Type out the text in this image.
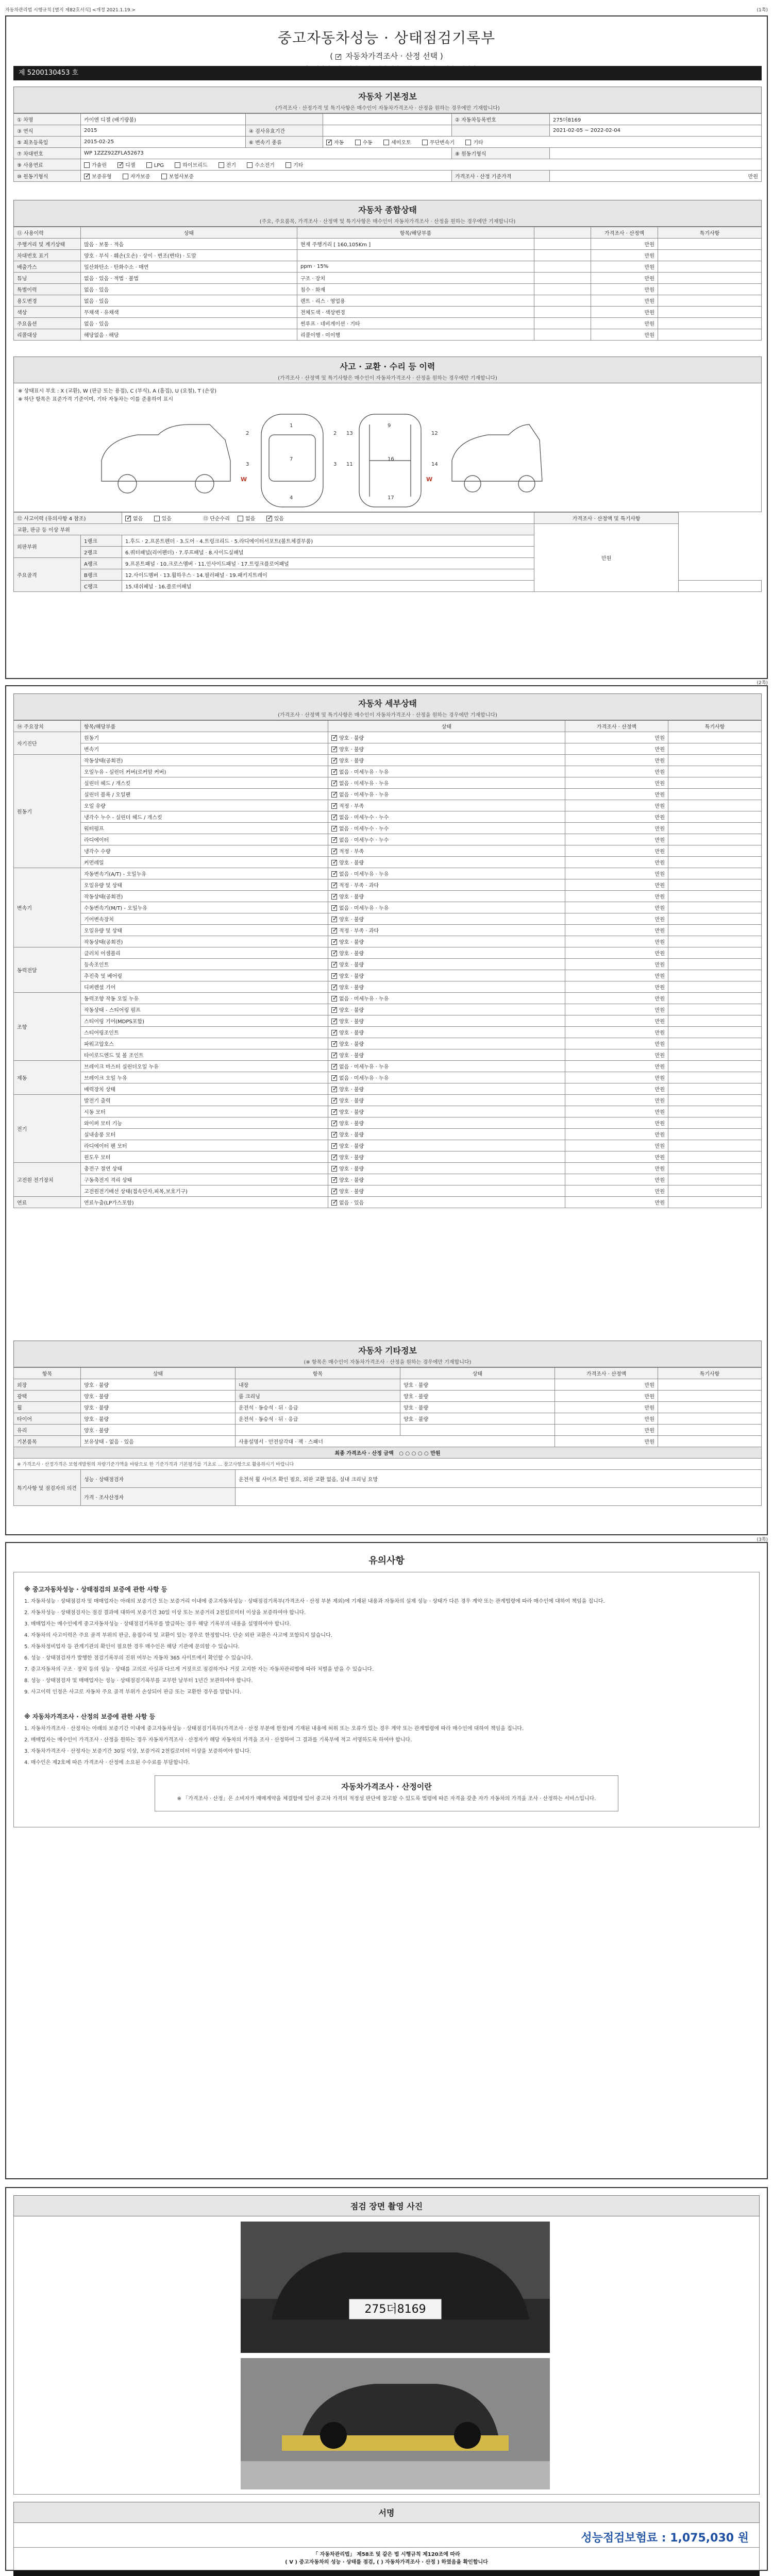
자동차관리법 시행규칙 [별지 제82호서식] <개정 2021.1.19.>	(1쪽)
중고자동차성능 · 상태점검기록부
( ✓ 자동차가격조사 · 산정 선택 )
제 5200130453 호
자동차 기본정보
(가격조사 · 산정가격 및 특기사항은 매수인이 자동차가격조사 · 산정을 원하는 경우에만 기재합니다)
① 차명	카이엔 디젤 (배기량불)			② 자동차등록번호	275더8169
③ 연식	2015	④ 검사유효기간			2021-02-05 ~ 2022-02-04
⑤ 최초등록일	2015-02-25	⑥ 변속기 종류	✓자동 수동 세미오토 무단변속기 기타
⑦ 차대번호	WP 1ZZZ92ZFLA52673			⑧ 원동기형식	
⑨ 사용연료	가솔린 ✓ 디젤 LPG 하이브리드 전기 수소전기 기타
⑩ 원동기형식	✓보증유형 자가보증 보험사보증			가격조사 · 산정 기준가격	만원
자동차 종합상태
(주요, 주요품목, 가격조사 · 산정액 및 특기사항은 매수인이 자동차가격조사 · 산정을 원하는 경우에만 기재합니다)
⑪ 사용이력	상태	항목/해당부품		가격조사 · 산정액	특기사항
주행거리 및 계기상태	많음 · 보통 · 적음	현재 주행거리 [ 160,105Km ]		만원	
차대번호 표기	양호 · 부식 · 훼손(오손) · 상이 · 변조(변타) · 도말			만원	
배출가스	일산화탄소 · 탄화수소 · 매연	ppm · 15%		만원	
튜닝	없음 · 있음 · 적법 · 불법	구조 · 장치		만원	
특별이력	없음 · 있음	침수 · 화재		만원	
용도변경	없음 · 있음	렌트 · 리스 · 영업용		만원	
색상	무채색 · 유채색	전체도색 · 색상변경		만원	
주요옵션	없음 · 있음	썬루프 · 네비게이션 · 기타		만원	
리콜대상	해당없음 · 해당	리콜이행 · 미이행		만원	
사고 · 교환 · 수리 등 이력
(가격조사 · 산정액 및 특기사항은 매수인이 자동차가격조사 · 산정을 원하는 경우에만 기재합니다)
※ 상태표시 부호 : X (교환), W (판금 또는 용접), C (부식), A (흠집), U (요철), T (손상)
※ 하단 항목은 표준가격 기준이며, 기타 자동차는 이를 준용하여 표시
1
7
4
9
16
17
2
3
2
3
12
14
13
11
W	W
⑫ 사고이력 (유의사항 4 참조)	✓없음 있음 ⑬ 단순수리 없음 ✓ 있음	가격조사 · 산정액 및 특기사항	
교환, 판금 등 이상 부위			만원	
외판부위	1랭크	1.후드 · 2.프론트펜더 · 3.도어 · 4.트렁크리드 · 5.라디에이터서포트(볼트체결부품)		
	2랭크	6.쿼터패널(리어펜더) · 7.루프패널 · 8.사이드실패널		
주요골격	A랭크	9.프론트패널 · 10.크로스멤버 · 11.인사이드패널 · 17.트렁크플로어패널		
	B랭크	12.사이드멤버 · 13.휠하우스 · 14.필러패널 · 19.패키지트레이		
	C랭크	15.대쉬패널 · 16.플로어패널		
(2쪽)
자동차 세부상태
(가격조사 · 산정액 및 특기사항은 매수인이 자동차가격조사 · 산정을 원하는 경우에만 기재합니다)
⑭ 주요장치	항목/해당부품	상태	가격조사 · 산정액	특기사항
자기진단	원동기	✓양호 · 불량	만원	
	변속기	✓양호 · 불량	만원	
원동기	작동상태(공회전)	✓양호 · 불량	만원	
	오일누유 - 실린더 커버(로커암 커버)	✓없음 · 미세누유 · 누유	만원	
	실린더 헤드 / 개스킷	✓없음 · 미세누유 · 누유	만원	
	실린더 블록 / 오일팬	✓없음 · 미세누유 · 누유	만원	
	오일 유량	✓적정 · 부족	만원	
	냉각수 누수 - 실린더 헤드 / 개스킷	✓없음 · 미세누수 · 누수	만원	
	워터펌프	✓없음 · 미세누수 · 누수	만원	
	라디에이터	✓없음 · 미세누수 · 누수	만원	
	냉각수 수량	✓적정 · 부족	만원	
	커먼레일	✓양호 · 불량	만원	
변속기	자동변속기(A/T) - 오일누유	✓없음 · 미세누유 · 누유	만원	
	오일유량 및 상태	✓적정 · 부족 · 과다	만원	
	작동상태(공회전)	✓양호 · 불량	만원	
	수동변속기(M/T) - 오일누유	✓없음 · 미세누유 · 누유	만원	
	기어변속장치	✓양호 · 불량	만원	
	오일유량 및 상태	✓적정 · 부족 · 과다	만원	
	작동상태(공회전)	✓양호 · 불량	만원	
동력전달	클러치 어셈블리	✓양호 · 불량	만원	
	등속조인트	✓양호 · 불량	만원	
	추진축 및 베어링	✓양호 · 불량	만원	
	디퍼렌셜 기어	✓양호 · 불량	만원	
조향	동력조향 작동 오일 누유	✓없음 · 미세누유 · 누유	만원	
	작동상태 - 스티어링 펌프	✓양호 · 불량	만원	
	스티어링 기어(MDPS포함)	✓양호 · 불량	만원	
	스티어링조인트	✓양호 · 불량	만원	
	파워고압호스	✓양호 · 불량	만원	
	타이로드엔드 및 볼 조인트	✓양호 · 불량	만원	
제동	브레이크 마스터 실린더오일 누유	✓없음 · 미세누유 · 누유	만원	
	브레이크 오일 누유	✓없음 · 미세누유 · 누유	만원	
	배력장치 상태	✓양호 · 불량	만원	
전기	발전기 출력	✓양호 · 불량	만원	
	시동 모터	✓양호 · 불량	만원	
	와이퍼 모터 기능	✓양호 · 불량	만원	
	실내송풍 모터	✓양호 · 불량	만원	
	라디에이터 팬 모터	✓양호 · 불량	만원	
	윈도우 모터	✓양호 · 불량	만원	
고전원 전기장치	충전구 절연 상태	✓양호 · 불량	만원	
	구동축전지 격리 상태	✓양호 · 불량	만원	
	고전원전기배선 상태(접속단자,피복,보호기구)	✓양호 · 불량	만원	
연료	연료누출(LP가스포함)	✓없음 · 있음	만원	
자동차 기타정보
(※ 항목은 매수인이 자동차가격조사 · 산정을 원하는 경우에만 기재합니다)
항목	상태	항목	상태	가격조사 · 산정액	특기사항
외장	양호 · 불량	내장	양호 · 불량	만원	
광택	양호 · 불량	룸 크리닝	양호 · 불량	만원	
휠	양호 · 불량	운전석 · 동승석 · 뒤 · 응급	양호 · 불량	만원	
타이어	양호 · 불량	운전석 · 동승석 · 뒤 · 응급	양호 · 불량	만원	
유리	양호 · 불량			만원	
기본품목	보유상태 - 없음 · 있음	사용설명서 · 안전삼각대 · 잭 · 스패너		만원	
최종 가격조사 · 산정 금액 ○ ○ ○ ○ ○ 만원					
※ 가격조사 · 산정가격은 보험개발원의 차량기준가액을 바탕으로 한 기준가격과 기본평가를 기초로 ... 참고사항으로 활용하시기 바랍니다					
특기사항 및 점검자의 의견	성능 · 상태점검자	운전석 휠 사이즈 확인 필요, 외판 교환 없음, 실내 크리닝 요망			
	가격 · 조사산정자				
(3쪽)
유의사항
※ 중고자동차성능 · 상태점검의 보증에 관한 사항 등

1. 자동차성능 · 상태점검자 및 매매업자는 아래의 보증기간 또는 보증거리 이내에 중고자동차성능 · 상태점검기록부(가격조사 · 산정 부분 제외)에 기재된 내용과 자동차의 실제 성능 · 상태가 다른 경우 계약 또는 관계법령에 따라 매수인에 대하여 책임을 집니다.

2. 자동차성능 · 상태점검자는 점검 결과에 대하여 보증기간 30일 이상 또는 보증거리 2천킬로미터 이상을 보증하여야 합니다.

3. 매매업자는 매수인에게 중고자동차성능 · 상태점검기록부를 발급하는 경우 해당 기록부의 내용을 설명하여야 합니다.

4. 자동차의 사고이력은 주요 골격 부위의 판금, 용접수리 및 교환이 있는 경우로 한정합니다. 단순 외판 교환은 사고에 포함되지 않습니다.

5. 자동차정비업자 등 관계기관의 확인이 필요한 경우 매수인은 해당 기관에 문의할 수 있습니다.

6. 성능 · 상태점검자가 발행한 점검기록부의 진위 여부는 자동차 365 사이트에서 확인할 수 있습니다.

7. 중고자동차의 구조 · 장치 등의 성능 · 상태를 고의로 사실과 다르게 거짓으로 점검하거나 거짓 고지한 자는 자동차관리법에 따라 처벌을 받을 수 있습니다.

8. 성능 · 상태점검자 및 매매업자는 성능 · 상태점검기록부를 교부한 날부터 1년간 보관하여야 합니다.

9. 사고이력 인정은 사고로 자동차 주요 골격 부위가 손상되어 판금 또는 교환한 경우를 말합니다.

※ 자동차가격조사 · 산정의 보증에 관한 사항 등

1. 자동차가격조사 · 산정자는 아래의 보증기간 이내에 중고자동차성능 · 상태점검기록부(가격조사 · 산정 부분에 한정)에 기재된 내용에 허위 또는 오류가 있는 경우 계약 또는 관계법령에 따라 매수인에 대하여 책임을 집니다.

2. 매매업자는 매수인이 가격조사 · 산정을 원하는 경우 자동차가격조사 · 산정자가 해당 자동차의 가격을 조사 · 산정하여 그 결과를 기록부에 적고 서명하도록 하여야 합니다.

3. 자동차가격조사 · 산정자는 보증기간 30일 이상, 보증거리 2천킬로미터 이상을 보증하여야 합니다.

4. 매수인은 제2호에 따른 가격조사 · 산정에 소요된 수수료를 부담합니다.

자동차가격조사 · 산정이란

※ 「가격조사 · 산정」은 소비자가 매매계약을 체결함에 있어 중고차 가격의 적정성 판단에 참고할 수 있도록 법령에 따른 자격을 갖춘 자가 자동차의 가격을 조사 · 산정하는 서비스입니다.

점검 장면 촬영 사진
275더8169
서명
성능점검보험료 : 1,075,030 원
「 자동차관리법」 제58조 및 같은 법 시행규칙 제120조에 따라
( V ) 중고자동차의 성능 · 상태를 점검, ( ) 자동차가격조사 · 산정 ) 하였음을 확인합니다
